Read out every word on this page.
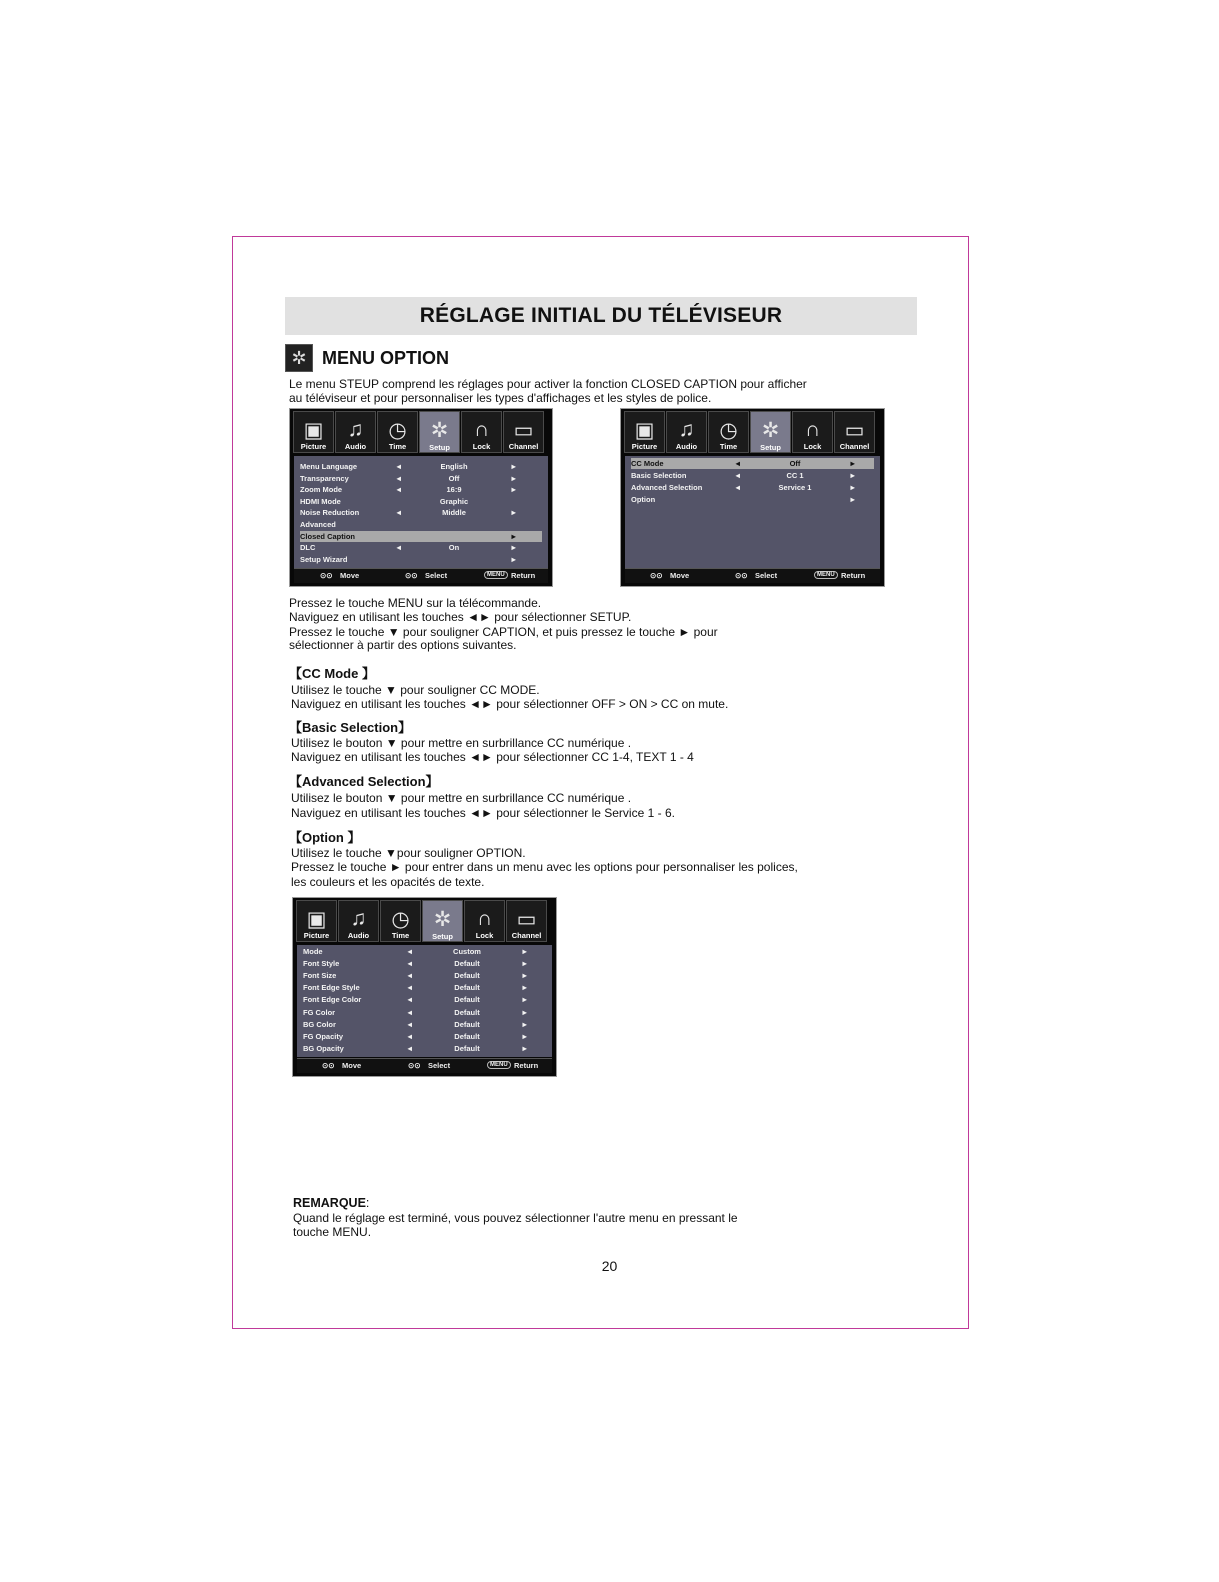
RÉGLAGE INITIAL DU TÉLÉVISEUR
✲ MENU OPTION
Le menu STEUP comprend les réglages pour activer la fonction CLOSED CAPTION pour afficher
au téléviseur et pour personnaliser les types d'affichages et les styles de police.
▣
Picture
♫
Audio
◷
Time
✲
Setup
∩
Lock
▭
Channel
Menu Language	◄	English	►
Transparency	◄	Off	►
Zoom Mode	◄	16:9	►
HDMI Mode	Graphic
Noise Reduction	◄	Middle	►
Advanced
Closed Caption	►
DLC	◄	On	►
Setup Wizard	►
⊙⊙ Move	⊙⊙ Select	MENU Return
▣
Picture
♫
Audio
◷
Time
✲
Setup
∩
Lock
▭
Channel
CC Mode	◄	Off	►
Basic Selection	◄	CC 1	►
Advanced Selection	◄	Service 1	►
Option	►
⊙⊙ Move	⊙⊙ Select	MENU Return
Pressez le touche MENU sur la télécommande.
Naviguez en utilisant les touches ◄► pour sélectionner SETUP.
Pressez le touche ▼ pour souligner CAPTION, et puis pressez le touche ► pour
sélectionner à partir des options suivantes.
【CC Mode 】
Utilisez le touche ▼ pour souligner CC MODE.
Naviguez en utilisant les touches ◄► pour sélectionner OFF > ON > CC on mute.
【Basic Selection】
Utilisez le bouton ▼ pour mettre en surbrillance CC numérique .
Naviguez en utilisant les touches ◄► pour sélectionner CC 1-4, TEXT 1 - 4
【Advanced Selection】
Utilisez le bouton ▼ pour mettre en surbrillance CC numérique .
Naviguez en utilisant les touches ◄► pour sélectionner le Service 1 - 6.
【Option 】
Utilisez le touche ▼pour souligner OPTION.
Pressez le touche ► pour entrer dans un menu avec les options pour personnaliser les polices,
les couleurs et les opacités de texte.
▣
Picture
♫
Audio
◷
Time
✲
Setup
∩
Lock
▭
Channel
Mode	◄	Custom	►
Font Style	◄	Default	►
Font Size	◄	Default	►
Font Edge Style	◄	Default	►
Font Edge Color	◄	Default	►
FG Color	◄	Default	►
BG Color	◄	Default	►
FG Opacity	◄	Default	►
BG Opacity	◄	Default	►
⊙⊙ Move	⊙⊙ Select	MENU Return
REMARQUE:
Quand le réglage est terminé, vous pouvez sélectionner l'autre menu en pressant le
touche MENU.
20
